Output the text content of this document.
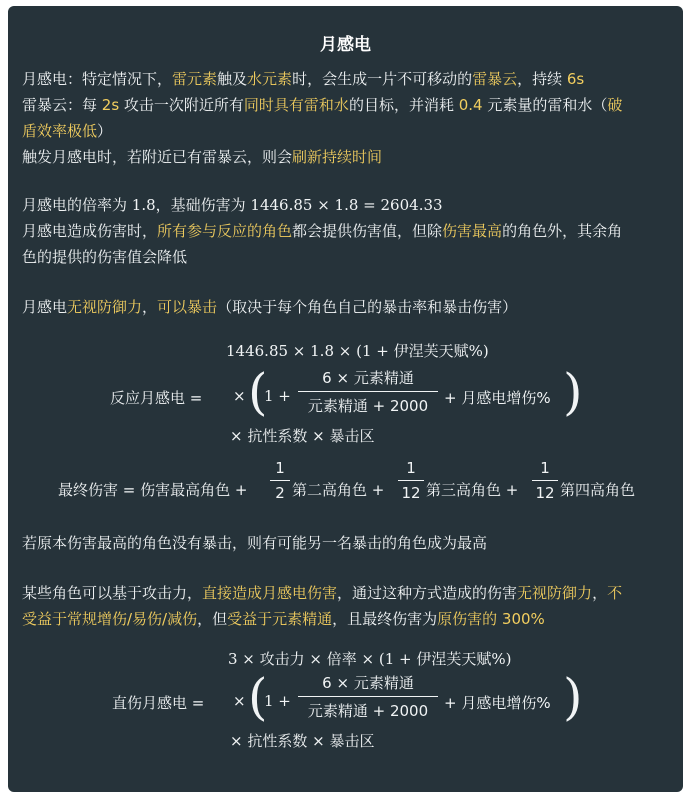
月感电
月感电：特定情况下，雷元素触及水元素时，会生成一片不可移动的雷暴云，持续 6s
雷暴云：每 2s 攻击一次附近所有同时具有雷和水的目标，并消耗 0.4 元素量的雷和水（破
盾效率极低）
触发月感电时，若附近已有雷暴云，则会刷新持续时间
月感电的倍率为 1.8，基础伤害为 1446.85 × 1.8 = 2604.33
月感电造成伤害时，所有参与反应的角色都会提供伤害值，但除伤害最高的角色外，其余角
色的提供的伤害值会降低
月感电无视防御力，可以暴击（取决于每个角色自己的暴击率和暴击伤害）
1446.85 × 1.8 × (1 + 伊涅芙天赋%)
反应月感电 = × (
1 +
6 × 元素精通
元素精通 + 2000	+ 月感电增伤% )
× 抗性系数 × 暴击区
最终伤害 = 伤害最高角色 +
1
2 第二高角色 +
1
12 第三高角色 +
1
12 第四高角色
若原本伤害最高的角色没有暴击，则有可能另一名暴击的角色成为最高
某些角色可以基于攻击力，直接造成月感电伤害，通过这种方式造成的伤害无视防御力，不
受益于常规增伤/易伤/减伤，但受益于元素精通，且最终伤害为原伤害的 300%
3 × 攻击力 × 倍率 × (1 + 伊涅芙天赋%)
直伤月感电 = × (
1 +
6 × 元素精通
元素精通 + 2000	+ 月感电增伤% )
× 抗性系数 × 暴击区
